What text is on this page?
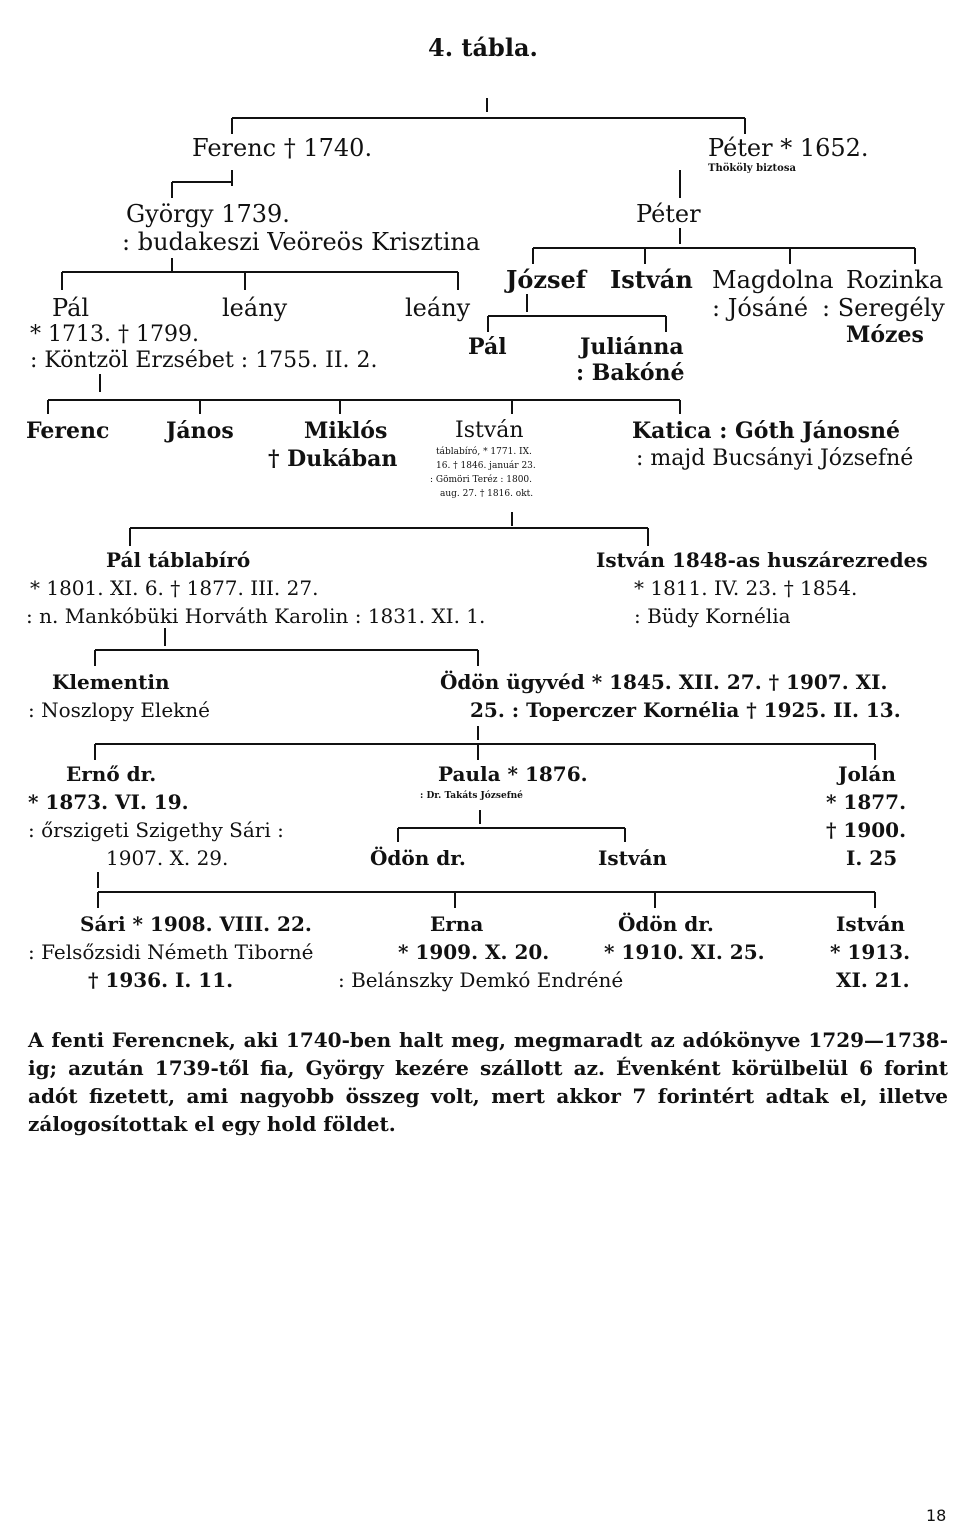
4. tábla.
Ferenc † 1740.	Péter * 1652.
Thököly biztosa
György 1739.
: budakeszi Veöreös Krisztina
Péter
József István Magdolna Rozinka
Pál	leány	leány	: Jósáné : Seregély
Mózes
* 1713. † 1799.
: Köntzöl Erzsébet : 1755. II. 2.
Pál	Juliánna
: Bakóné
Ferenc	János	Miklós
† Dukában
István
táblabíró, * 1771. IX.
16. † 1846. január 23.
: Gömöri Teréz : 1800.
aug. 27. † 1816. okt.
Katica : Góth Jánosné
: majd Bucsányi Józsefné
Pál táblabíró
* 1801. XI. 6. † 1877. III. 27.
: n. Mankóbüki Horváth Karolin : 1831. XI. 1.
István 1848-as huszárezredes
* 1811. IV. 23. † 1854.
: Büdy Kornélia
Klementin
: Noszlopy Elekné
Ödön ügyvéd * 1845. XII. 27. † 1907. XI.
25. : Toperczer Kornélia † 1925. II. 13.
Ernő dr.
* 1873. VI. 19.
: őrszigeti Szigethy Sári :
1907. X. 29.
Paula * 1876.
: Dr. Takáts Józsefné
Ödön dr.	István
Jolán
* 1877.
† 1900.
I. 25
Sári * 1908. VIII. 22.
: Felsőzsidi Németh Tiborné
† 1936. I. 11.
Erna
* 1909. X. 20.
: Belánszky Demkó Endréné
Ödön dr.
* 1910. XI. 25.
István
* 1913.
XI. 21.
A fenti Ferencnek, aki 1740-ben halt meg, megmaradt az adókönyve 1729—1738-ig; azután 1739-től fia, György kezére szállott az. Évenként körülbelül 6 forint adót fizetett, ami nagyobb összeg volt, mert akkor 7 forintért adtak el, illetve zálogosítottak el egy hold földet.
18
